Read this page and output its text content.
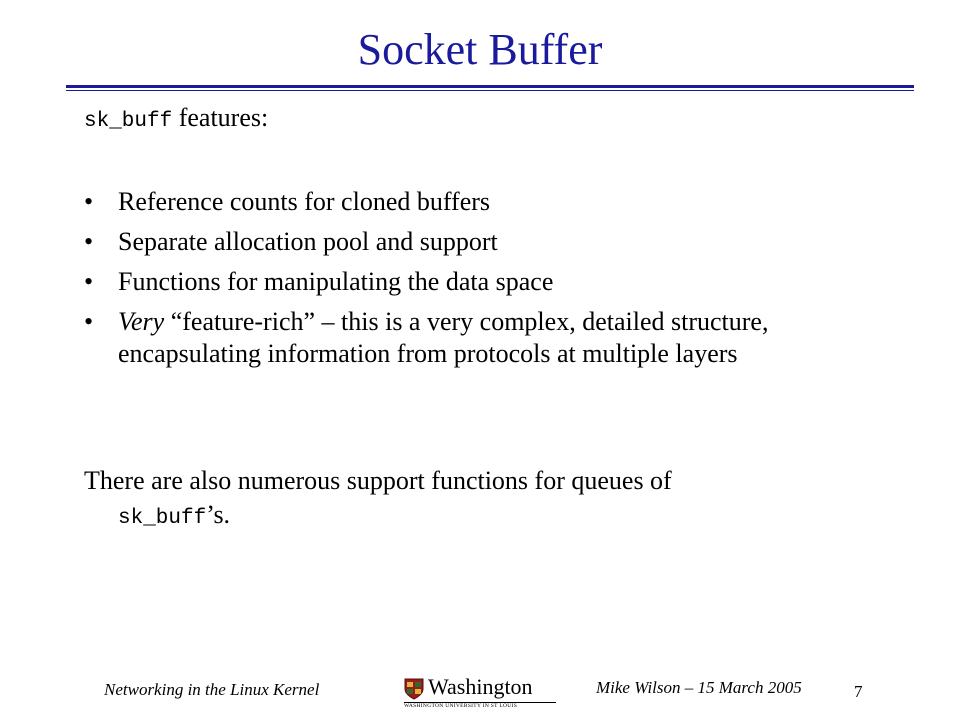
Socket Buffer
sk_buff features:
• Reference counts for cloned buffers
• Separate allocation pool and support
• Functions for manipulating the data space
• Very “feature-rich” – this is a very complex, detailed structure, encapsulating information from protocols at multiple layers
There are also numerous support functions for queues of
sk_buff’s.
Networking in the Linux Kernel	Washington
WASHINGTON UNIVERSITY IN ST LOUIS
Mike Wilson – 15 March 2005	7
